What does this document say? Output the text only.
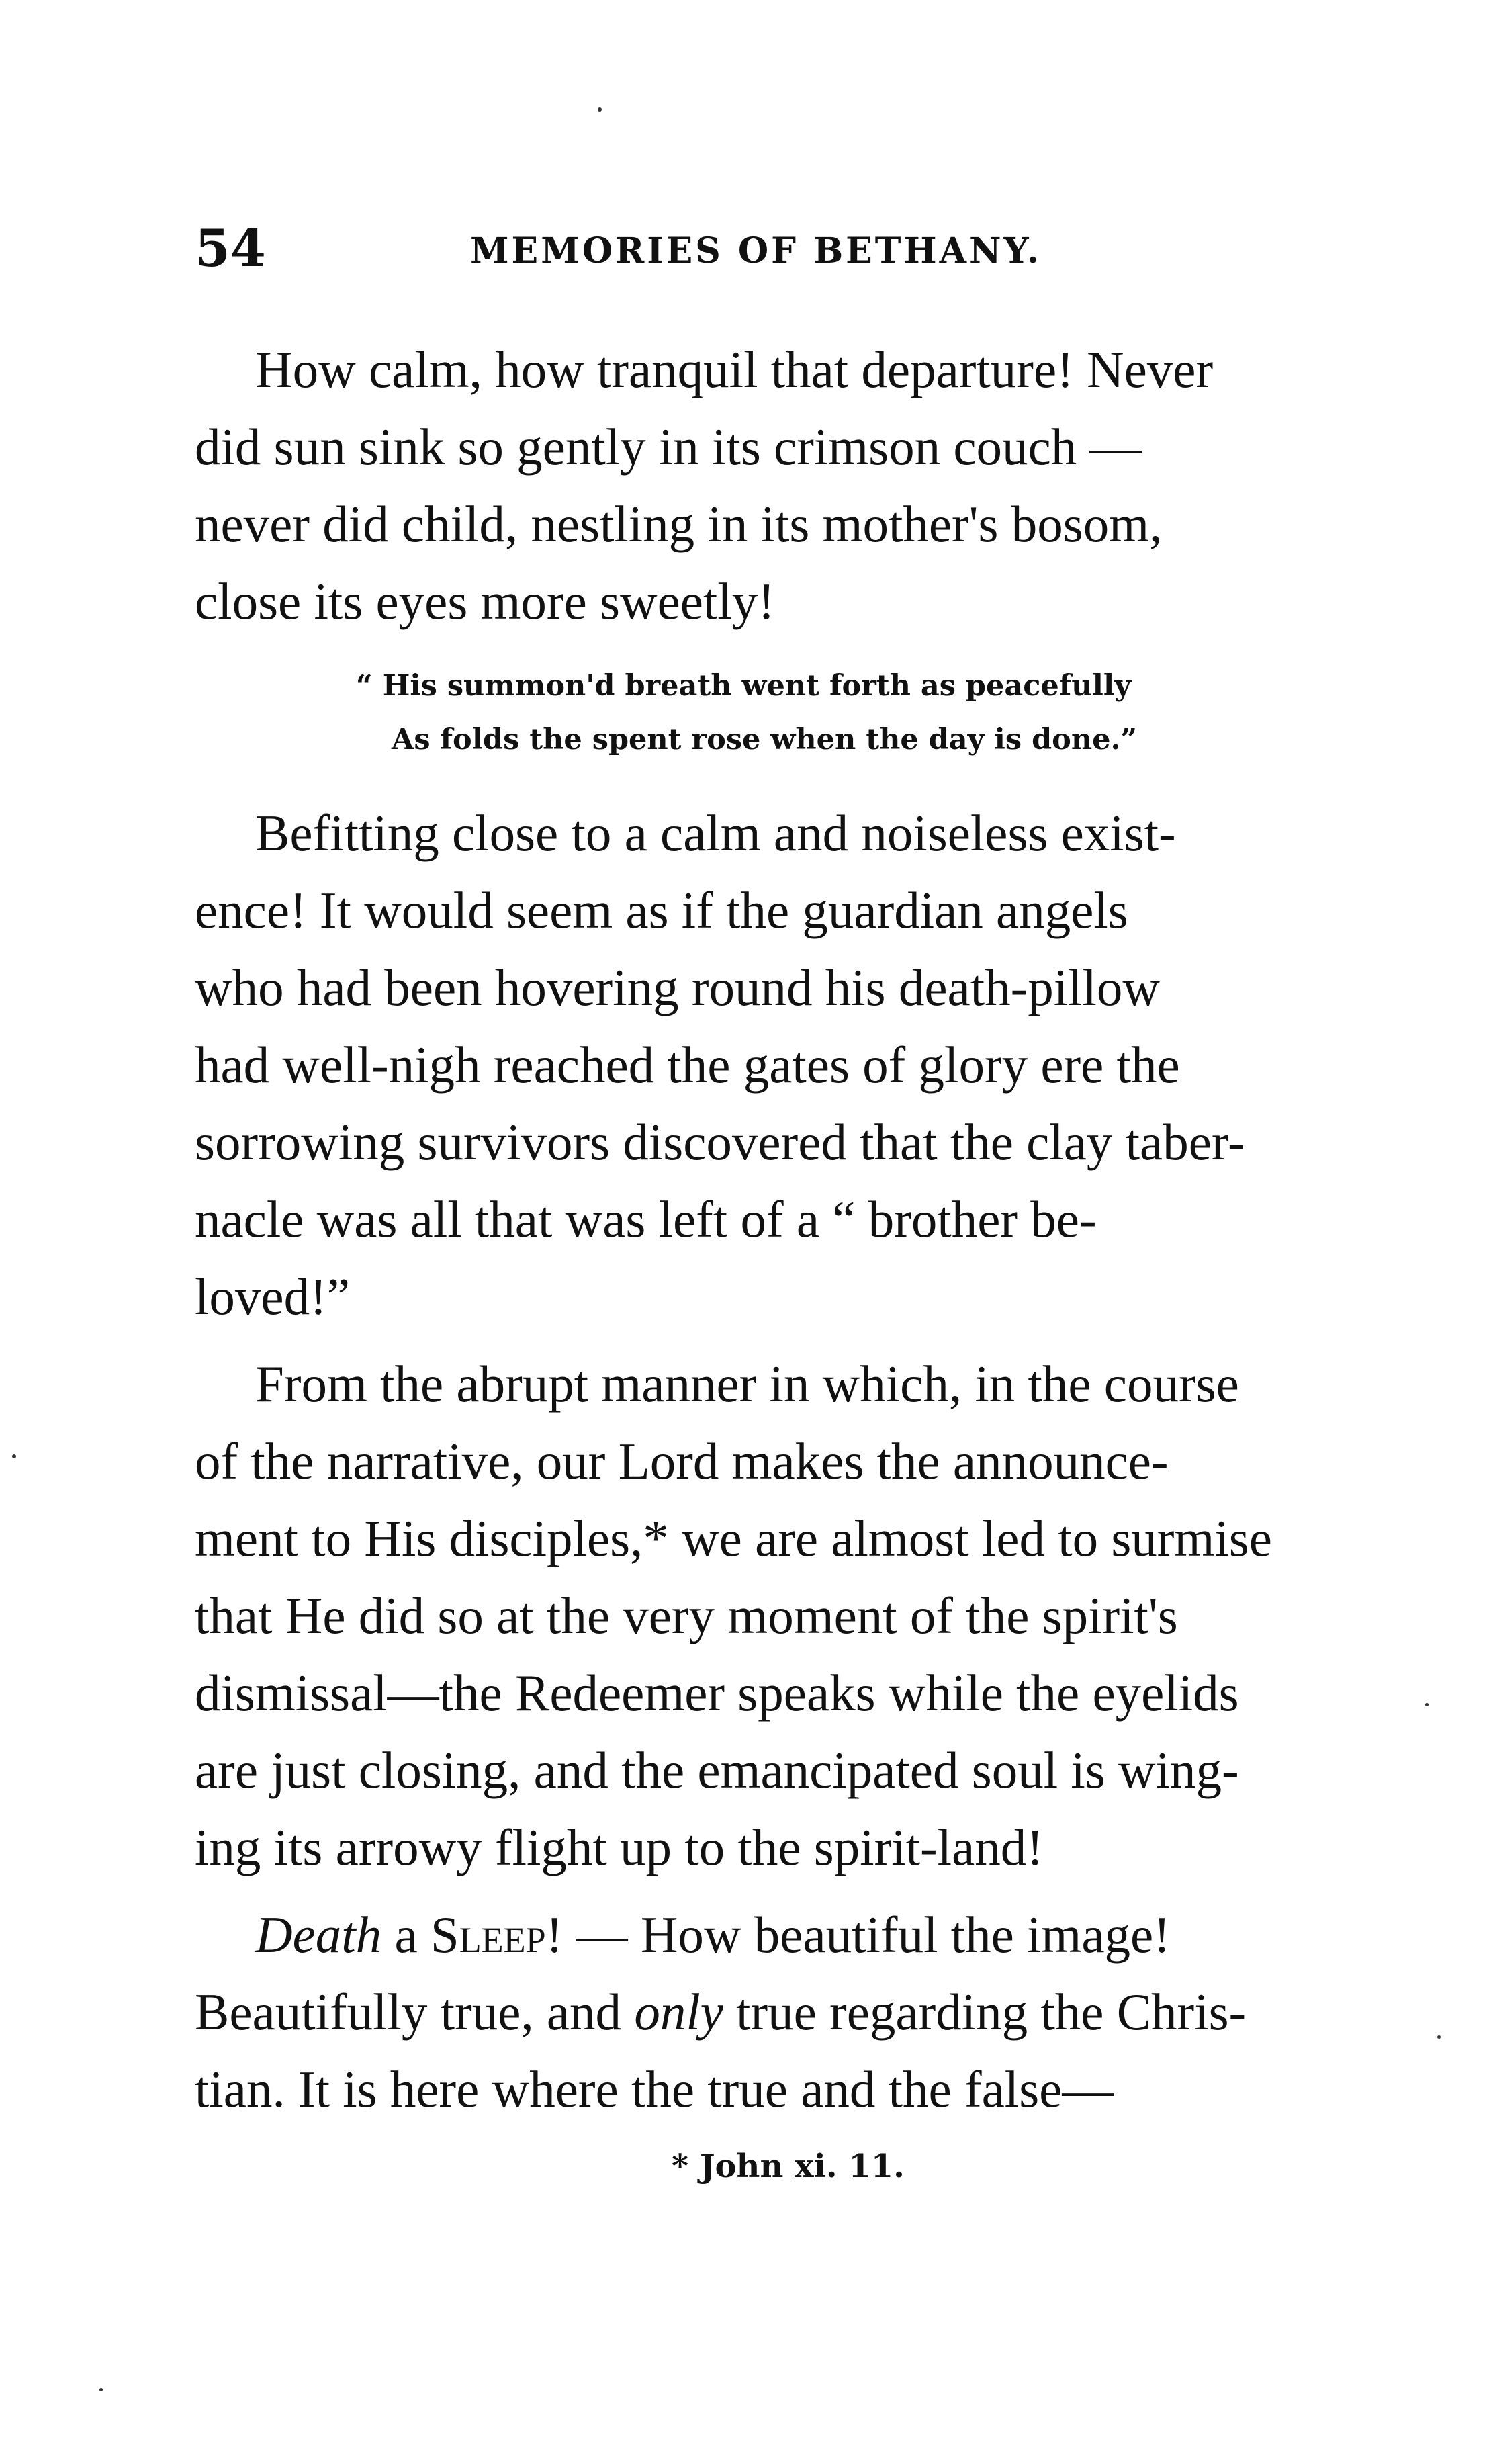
54	MEMORIES OF BETHANY.
How calm, how tranquil that departure! Never
did sun sink so gently in its crimson couch —
never did child, nestling in its mother's bosom,
close its eyes more sweetly!
“ His summon'd breath went forth as peacefully
As folds the spent rose when the day is done.”
Befitting close to a calm and noiseless exist-
ence! It would seem as if the guardian angels
who had been hovering round his death-pillow
had well-nigh reached the gates of glory ere the
sorrowing survivors discovered that the clay taber-
nacle was all that was left of a “ brother be-
loved!”
From the abrupt manner in which, in the course
of the narrative, our Lord makes the announce-
ment to His disciples,* we are almost led to surmise
that He did so at the very moment of the spirit's
dismissal—the Redeemer speaks while the eyelids
are just closing, and the emancipated soul is wing-
ing its arrowy flight up to the spirit-land!
Death a Sleep! — How beautiful the image!
Beautifully true, and only true regarding the Chris-
tian. It is here where the true and the false—
* John xi. 11.
